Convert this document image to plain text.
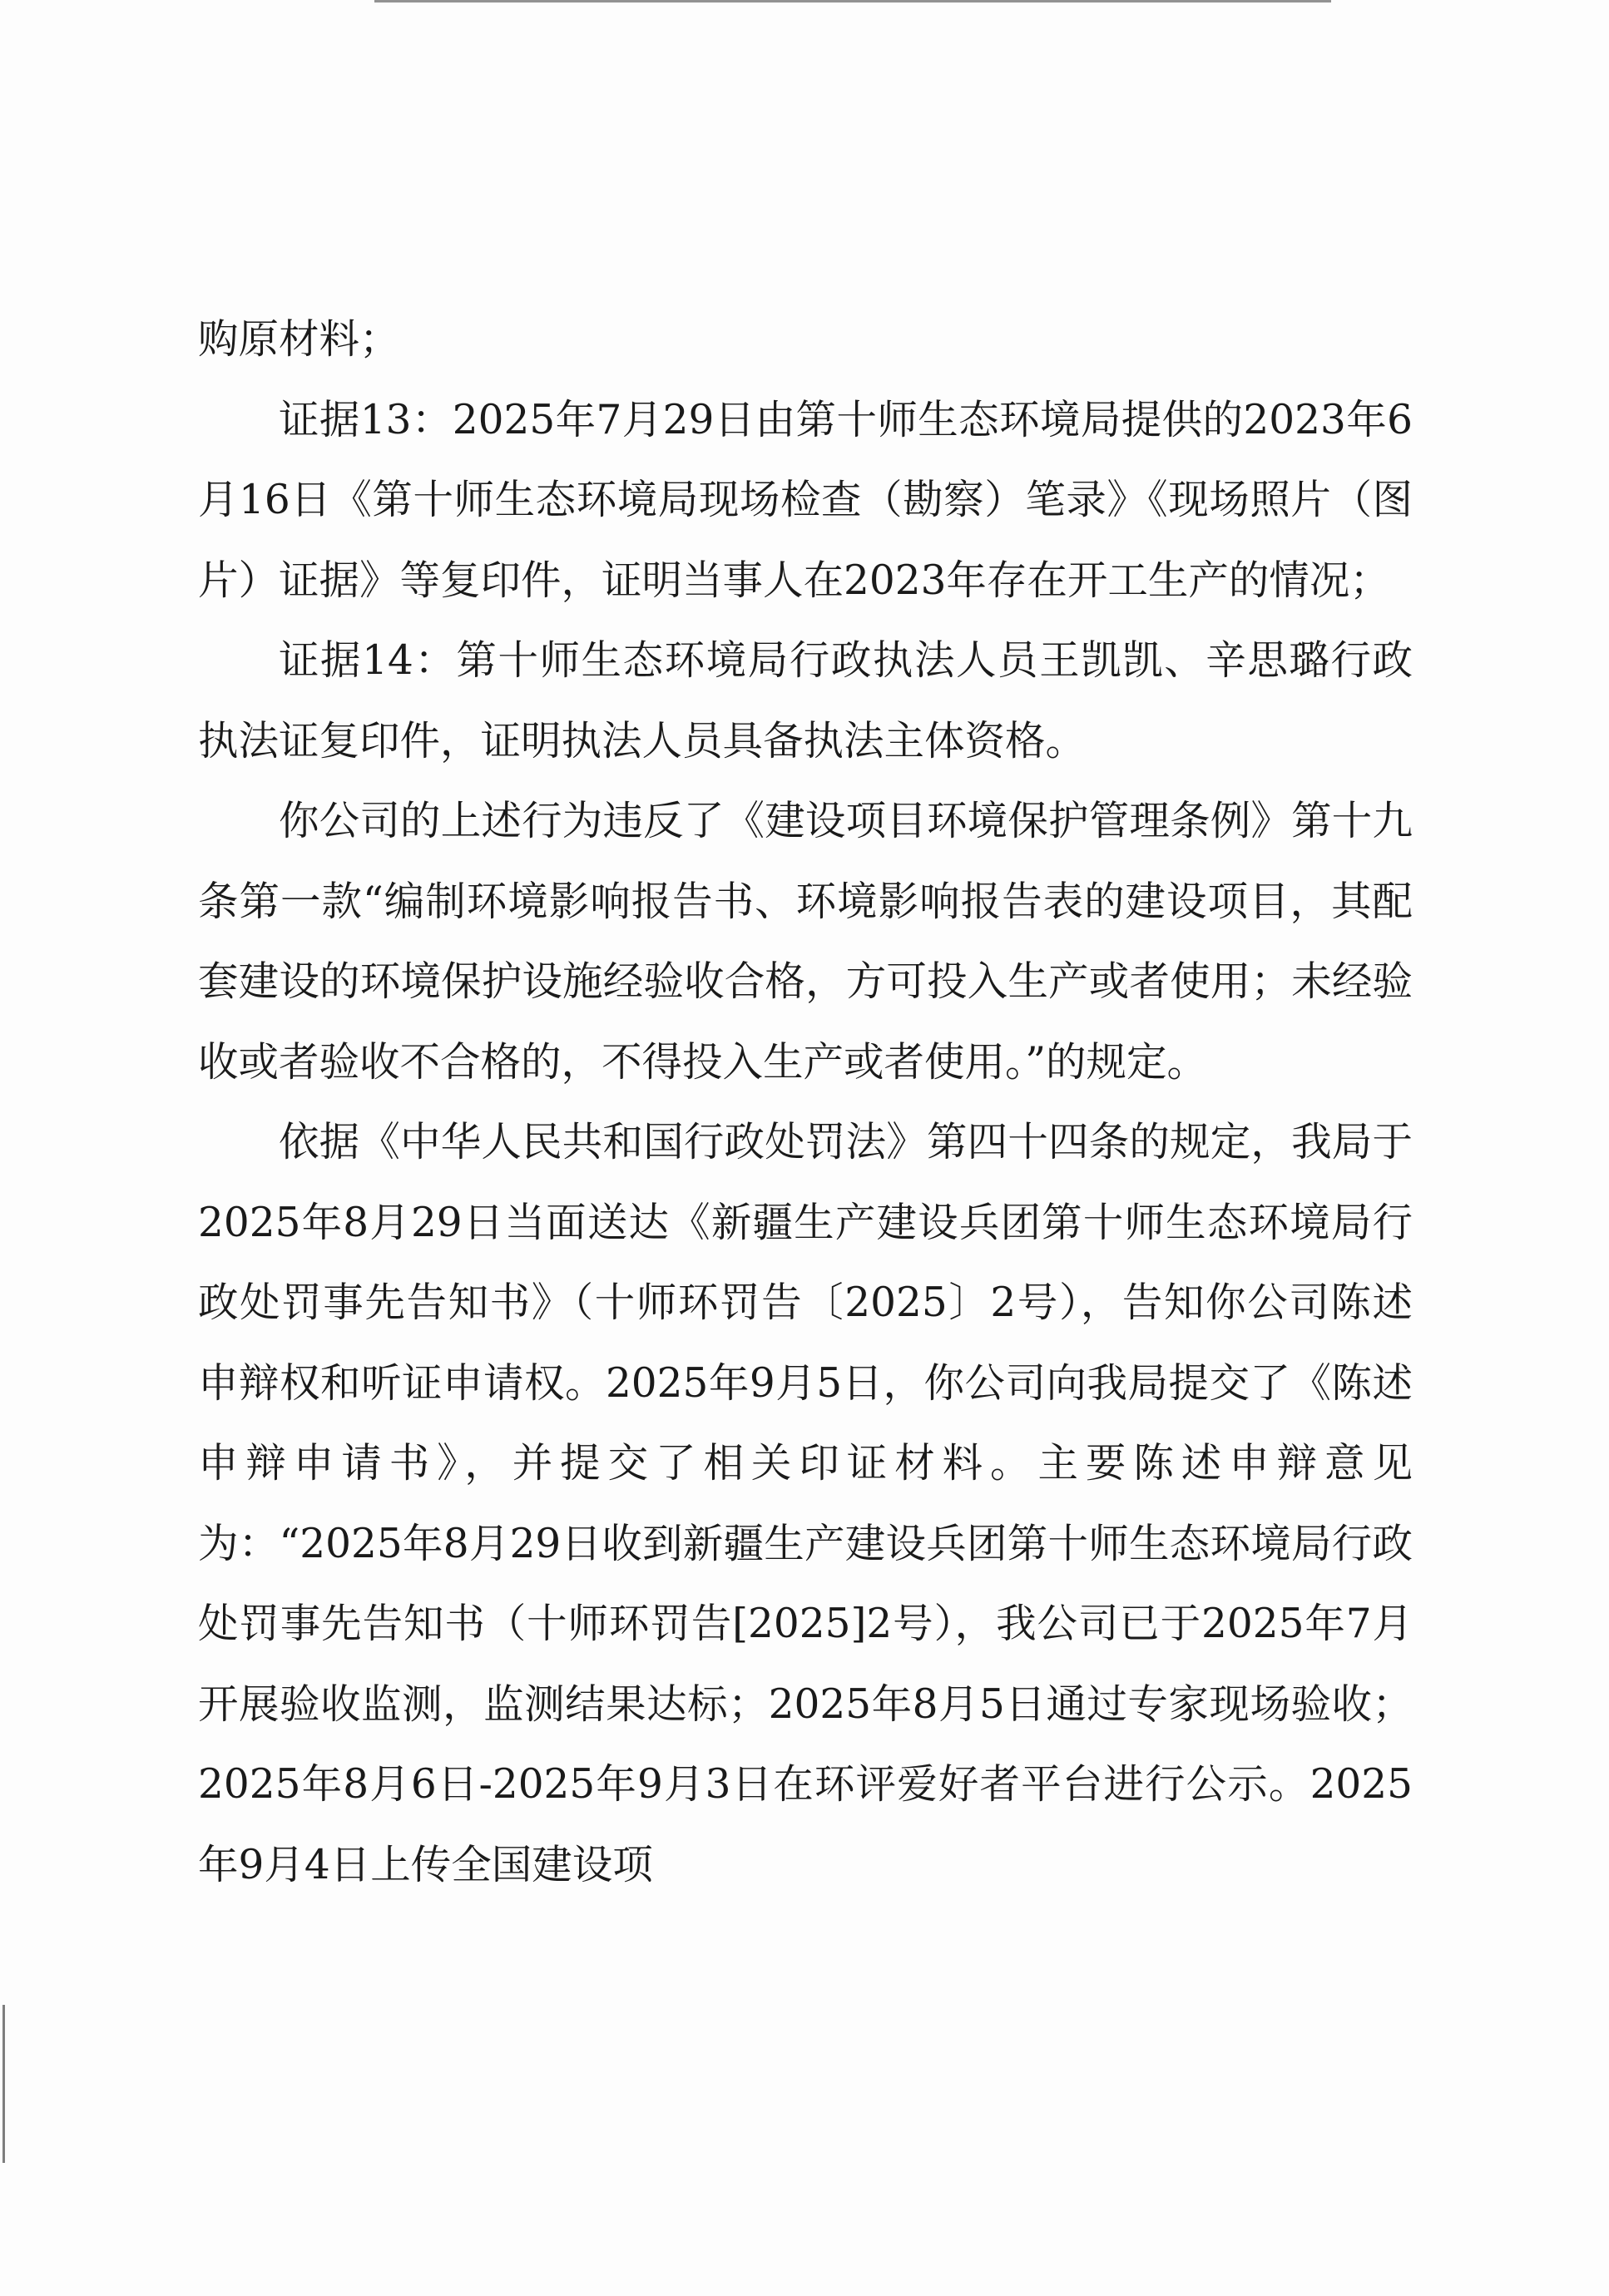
购原材料；

证据13：2025年7月29日由第十师生态环境局提供的2023年6月16日《第十师生态环境局现场检查（勘察）笔录》《现场照片（图片）证据》等复印件，证明当事人在2023年存在开工生产的情况；

证据14：第十师生态环境局行政执法人员王凯凯、辛思璐行政执法证复印件，证明执法人员具备执法主体资格。

你公司的上述行为违反了《建设项目环境保护管理条例》第十九条第一款“编制环境影响报告书、环境影响报告表的建设项目，其配套建设的环境保护设施经验收合格，方可投入生产或者使用；未经验收或者验收不合格的，不得投入生产或者使用。”的规定。

依据《中华人民共和国行政处罚法》第四十四条的规定，我局于2025年8月29日当面送达《新疆生产建设兵团第十师生态环境局行政处罚事先告知书》（十师环罚告〔2025〕2号），告知你公司陈述申辩权和听证申请权。2025年9月5日，你公司向我局提交了《陈述申辩申请书》，并提交了相关印证材料。主要陈述申辩意见为：“2025年8月29日收到新疆生产建设兵团第十师生态环境局行政处罚事先告知书（十师环罚告[2025]2号），我公司已于2025年7月开展验收监测，监测结果达标；2025年8月5日通过专家现场验收；2025年8月6日-2025年9月3日在环评爱好者平台进行公示。2025年9月4日上传全国建设项
